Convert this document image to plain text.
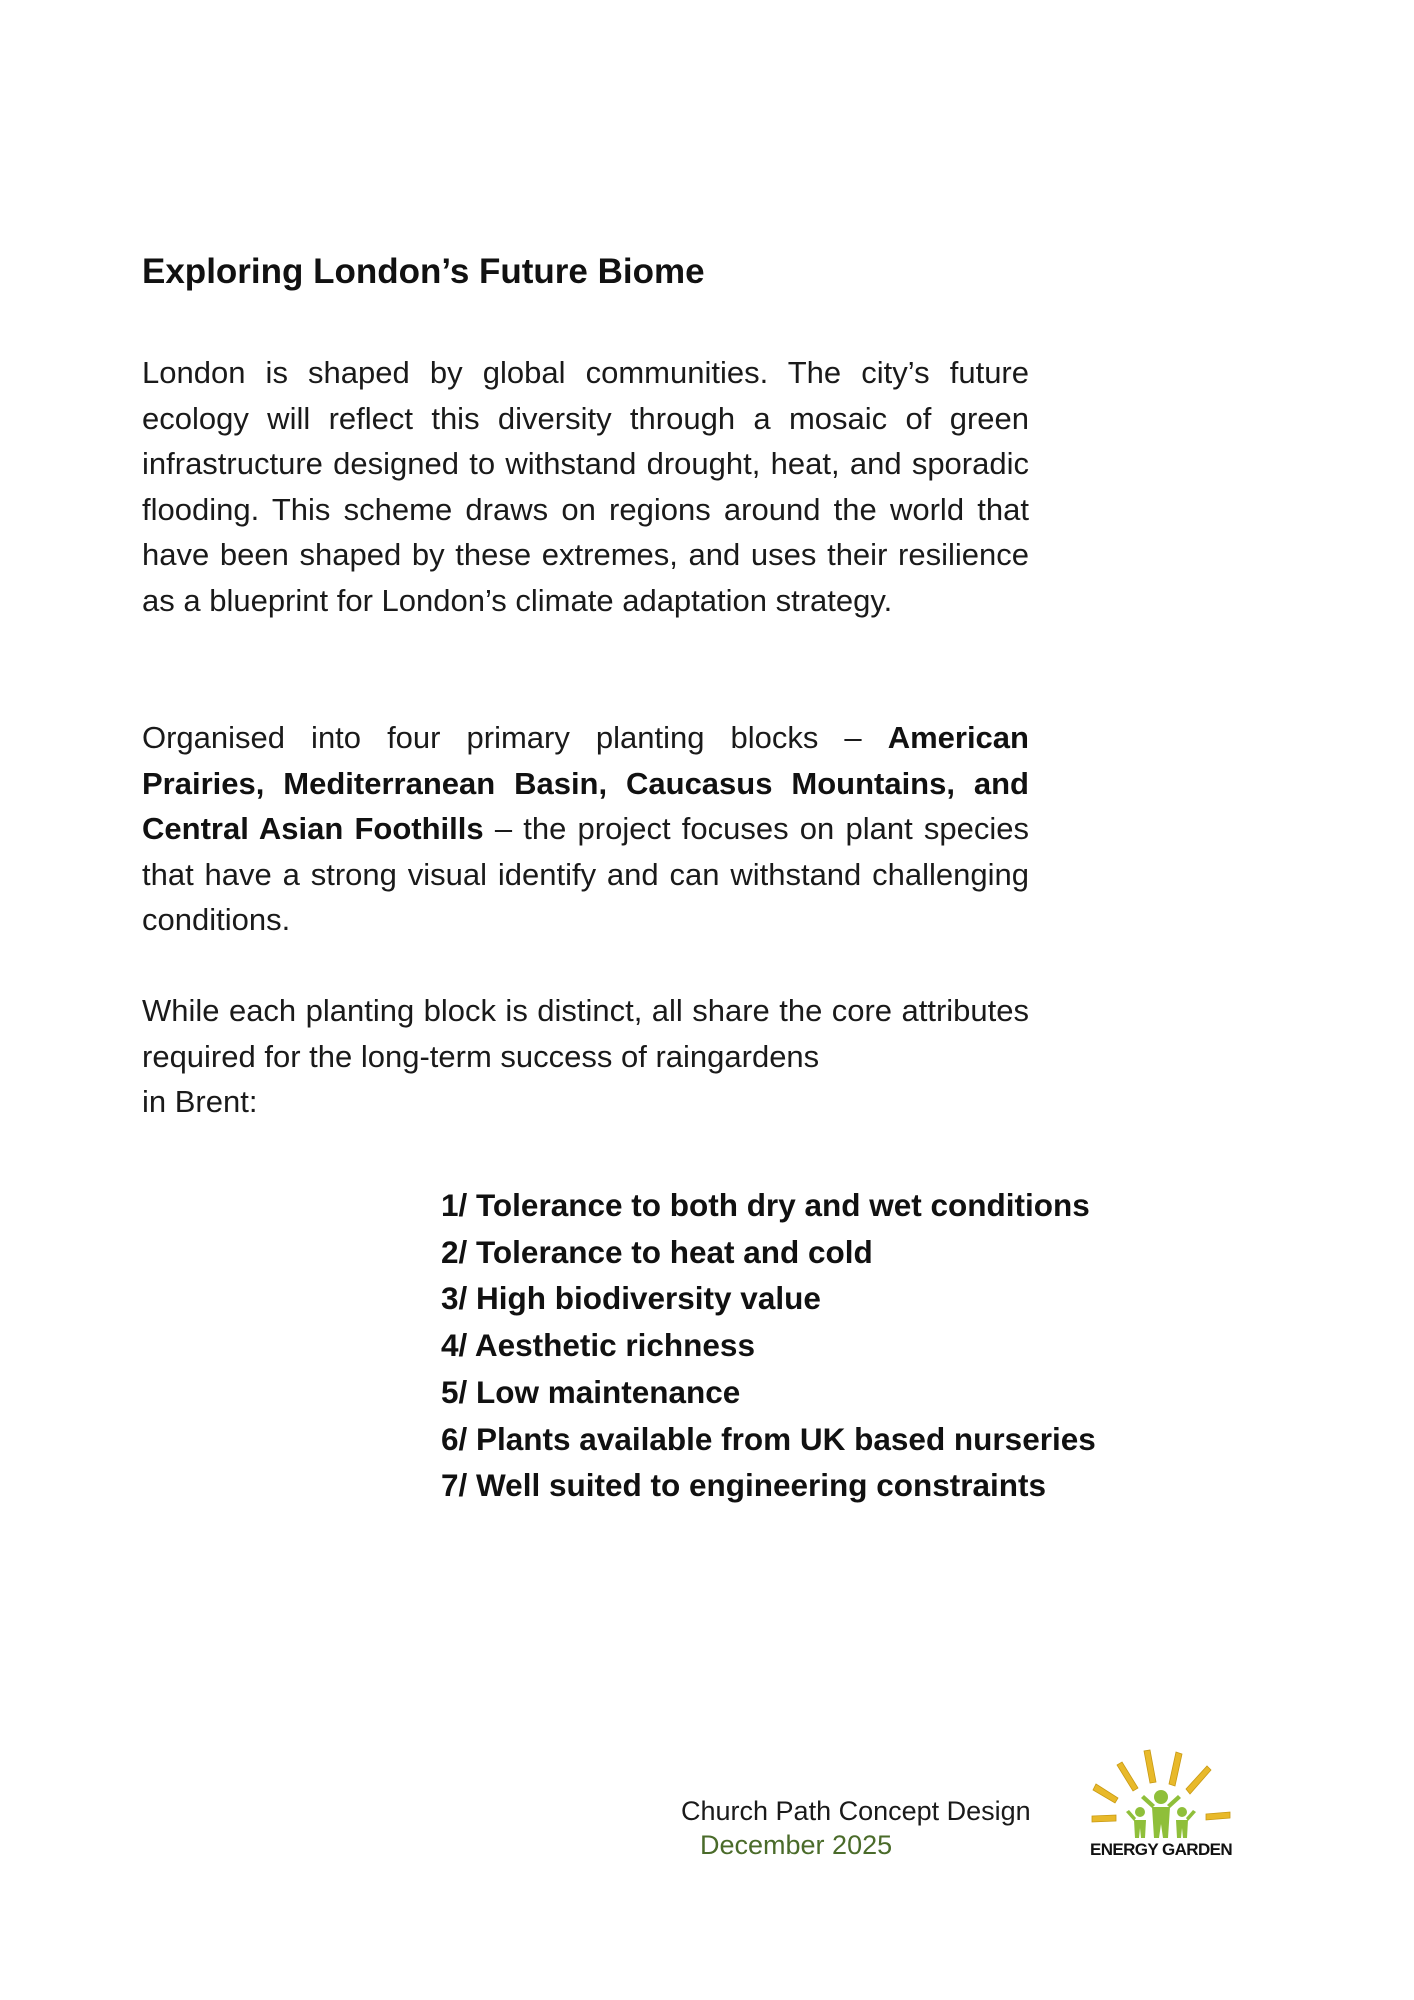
Exploring London’s Future Biome

London is shaped by global communities. The city’s future ecology will reflect this diversity through a mosaic of green infrastructure designed to withstand drought, heat, and sporadic flooding. This scheme draws on regions around the world that have been shaped by these extremes, and uses their resilience as a blueprint for London’s climate adaptation strategy.

Organised into four primary planting blocks – American Prairies, Mediterranean Basin, Caucasus Mountains, and Central Asian Foothills – the project focuses on plant species that have a strong visual identify and can withstand challenging conditions.

While each planting block is distinct, all share the core attributes required for the long-term success of raingardens
in Brent:

1/ Tolerance to both dry and wet conditions
2/ Tolerance to heat and cold
3/ High biodiversity value
4/ Aesthetic richness
5/ Low maintenance
6/ Plants available from UK based nurseries
7/ Well suited to engineering constraints

Church Path Concept Design

December 2025	ENERGY GARDEN
